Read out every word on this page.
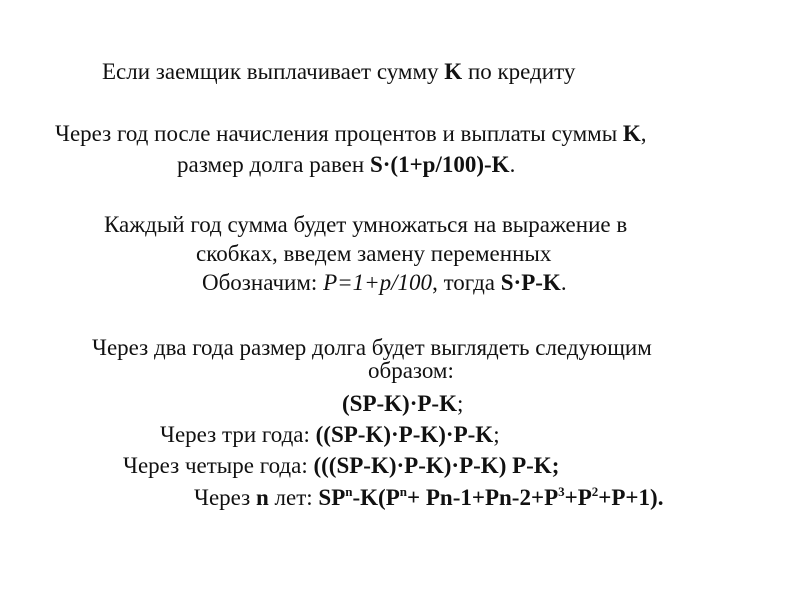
Если заемщик выплачивает сумму K по кредиту
Через год после начисления процентов и выплаты суммы K,
размер долга равен S·(1+p/100)-K.
Каждый год сумма будет умножаться на выражение в
скобках, введем замену переменных
Обозначим: P=1+p/100, тогда S·P-K.
Через два года размер долга будет выглядеть следующим
образом:
(SP-K)·P-K;
Через три года: ((SP-K)·P-K)·P-K;
Через четыре года: (((SP-K)·P-K)·P-K) P-K;
Через n лет: $SP^n-K(P^n+ Pn-1+Pn-2+P^3+P^2+P+1)$.
